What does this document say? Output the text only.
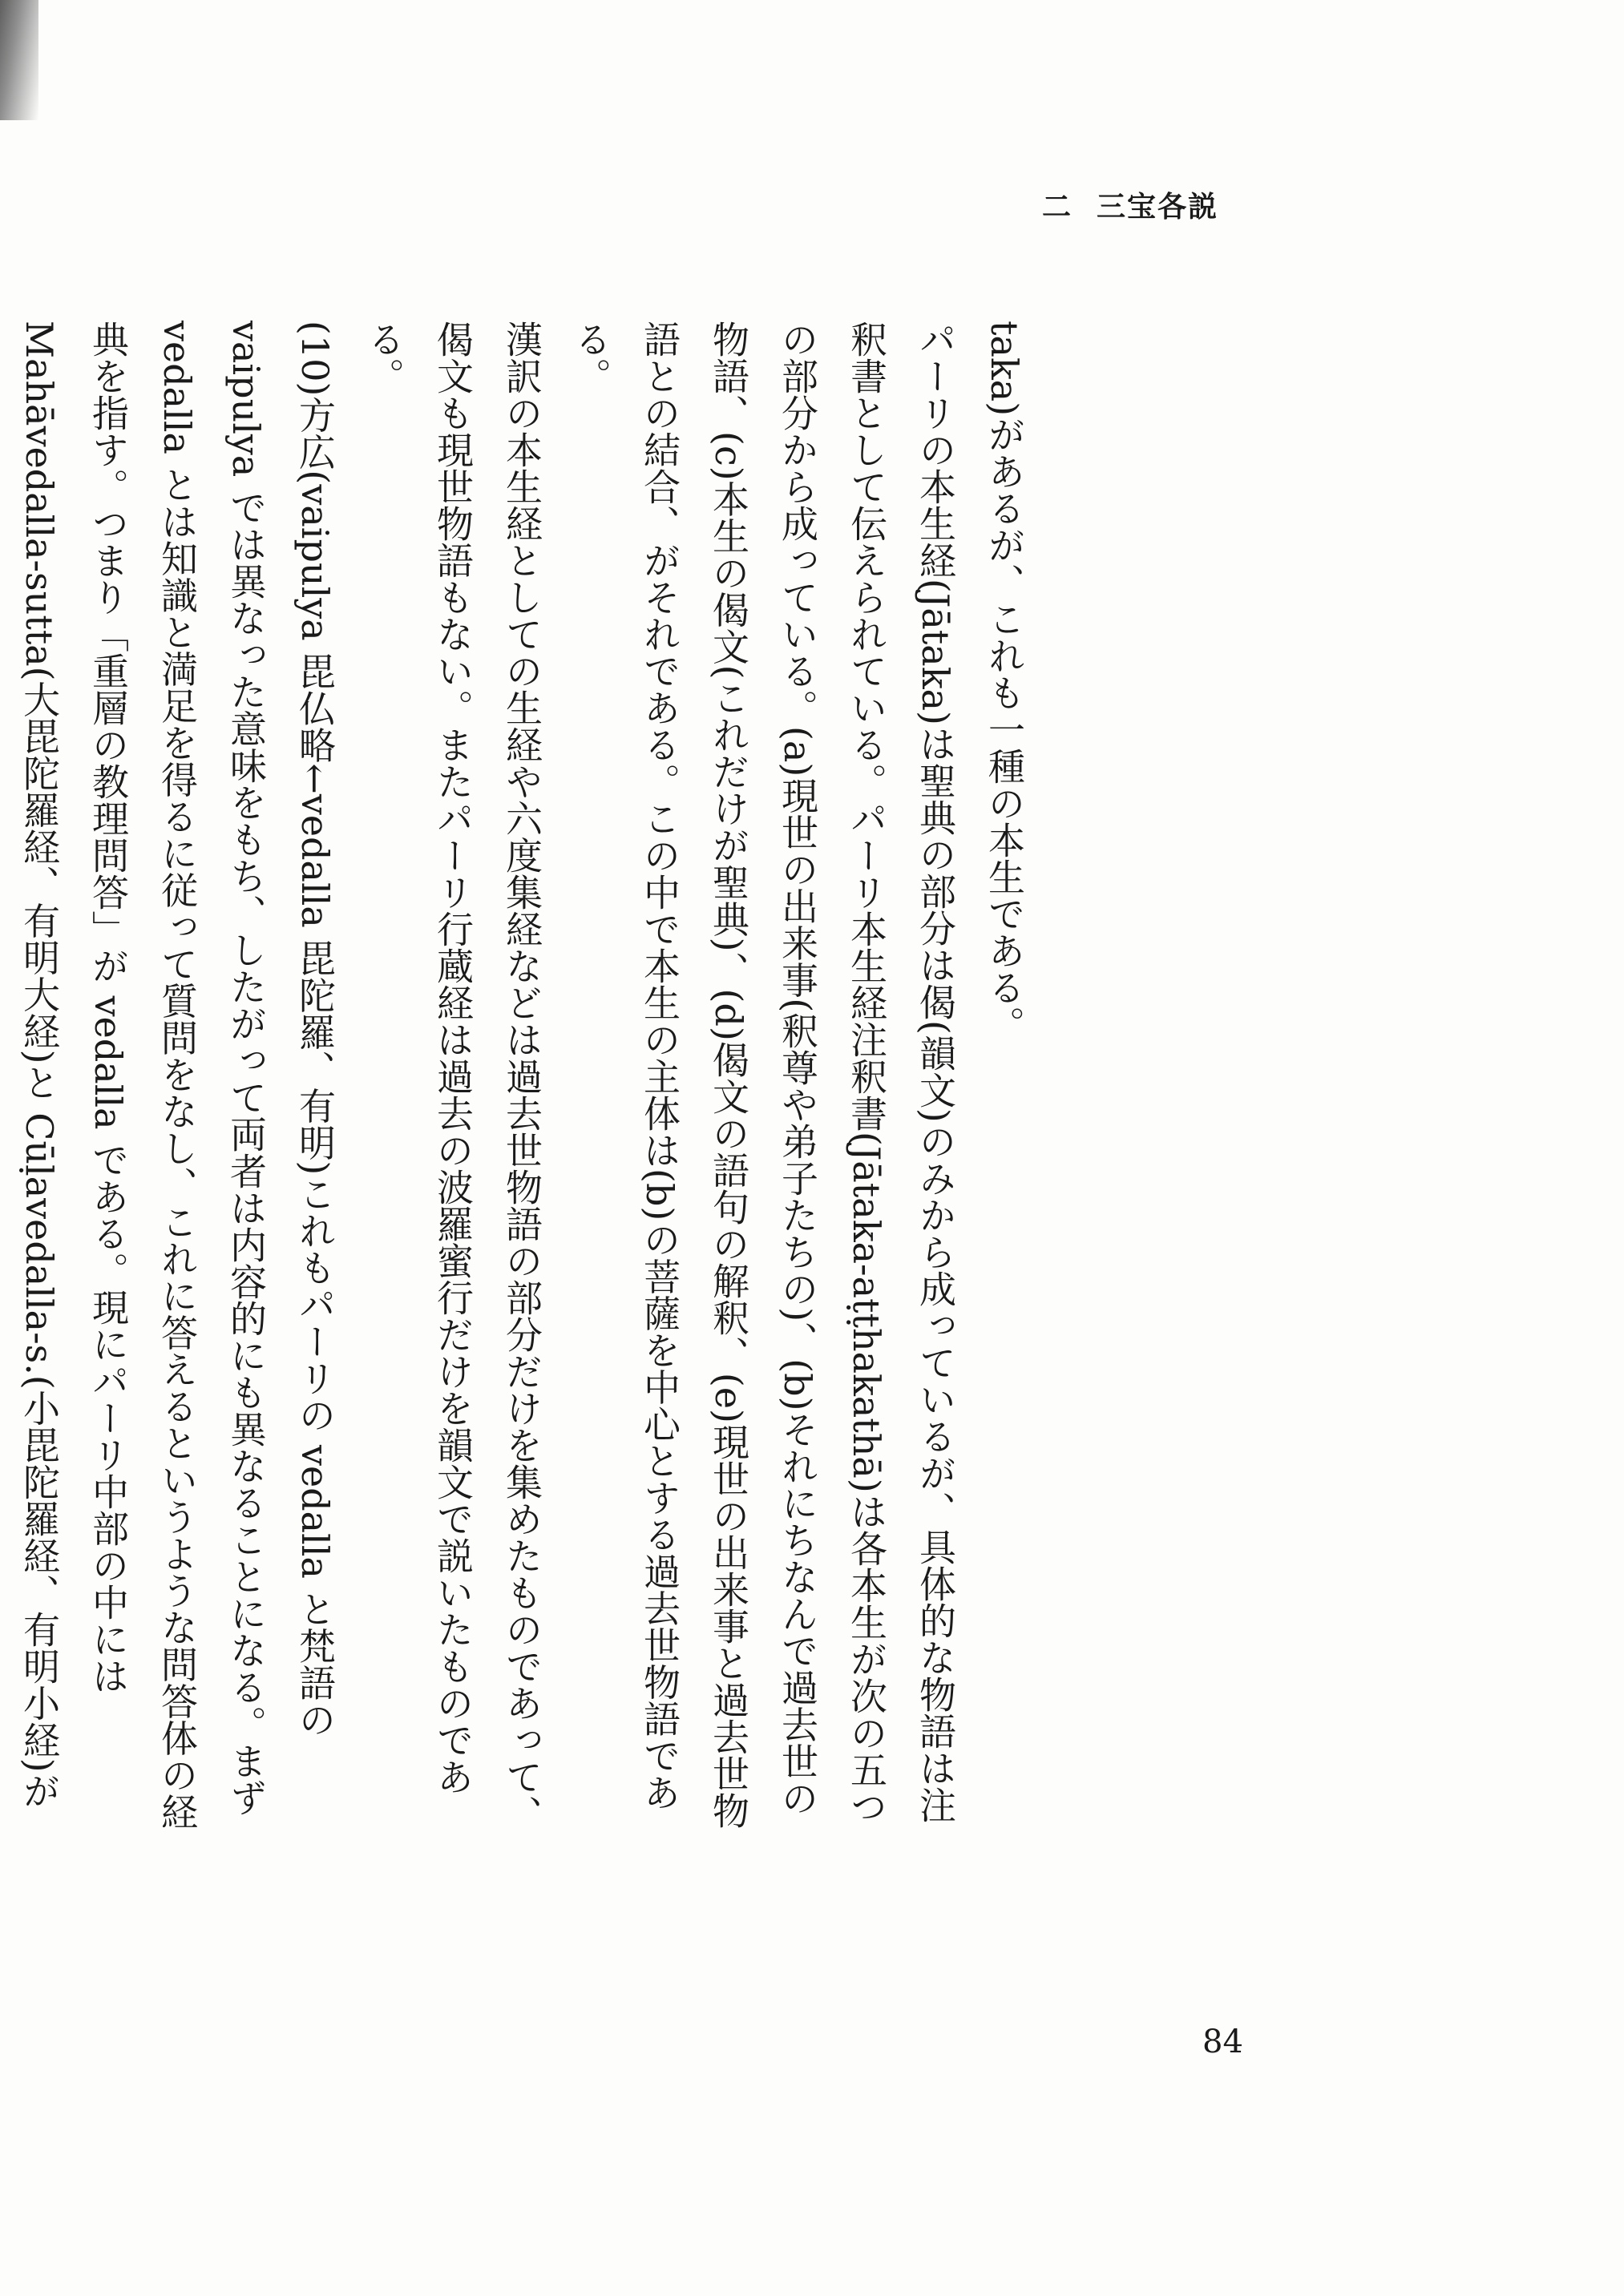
二 三宝各説

taka)があるが、これも一種の本生である。

パーリの本生経(Jātaka)は聖典の部分は偈(韻文)のみから成っているが、具体的な物語は注釈書として伝えられている。パーリ本生経注釈書(Jātaka-aṭṭhakathā)は各本生が次の五つの部分から成っている。(a)現世の出来事(釈尊や弟子たちの)、(b)それにちなんで過去世の物語、(c)本生の偈文(これだけが聖典)、(d)偈文の語句の解釈、(e)現世の出来事と過去世物語との結合、がそれである。この中で本生の主体は(b)の菩薩を中心とする過去世物語である。

漢訳の本生経としての生経や六度集経などは過去世物語の部分だけを集めたものであって、偈文も現世物語もない。またパーリ行蔵経は過去の波羅蜜行だけを韻文で説いたものである。

(10)方広(vaipulya 毘仏略←vedalla 毘陀羅、有明)これもパーリの vedalla と梵語の vaipulya では異なった意味をもち、したがって両者は内容的にも異なることになる。まず vedalla とは知識と満足を得るに従って質問をなし、これに答えるというような問答体の経典を指す。つまり「重層の教理問答」が vedalla である。現にパーリ中部の中には Mahāvedalla-sutta(大毘陀羅経、有明大経)と Cūḷavedalla-s.(小毘陀羅経、有明小経)が

84
